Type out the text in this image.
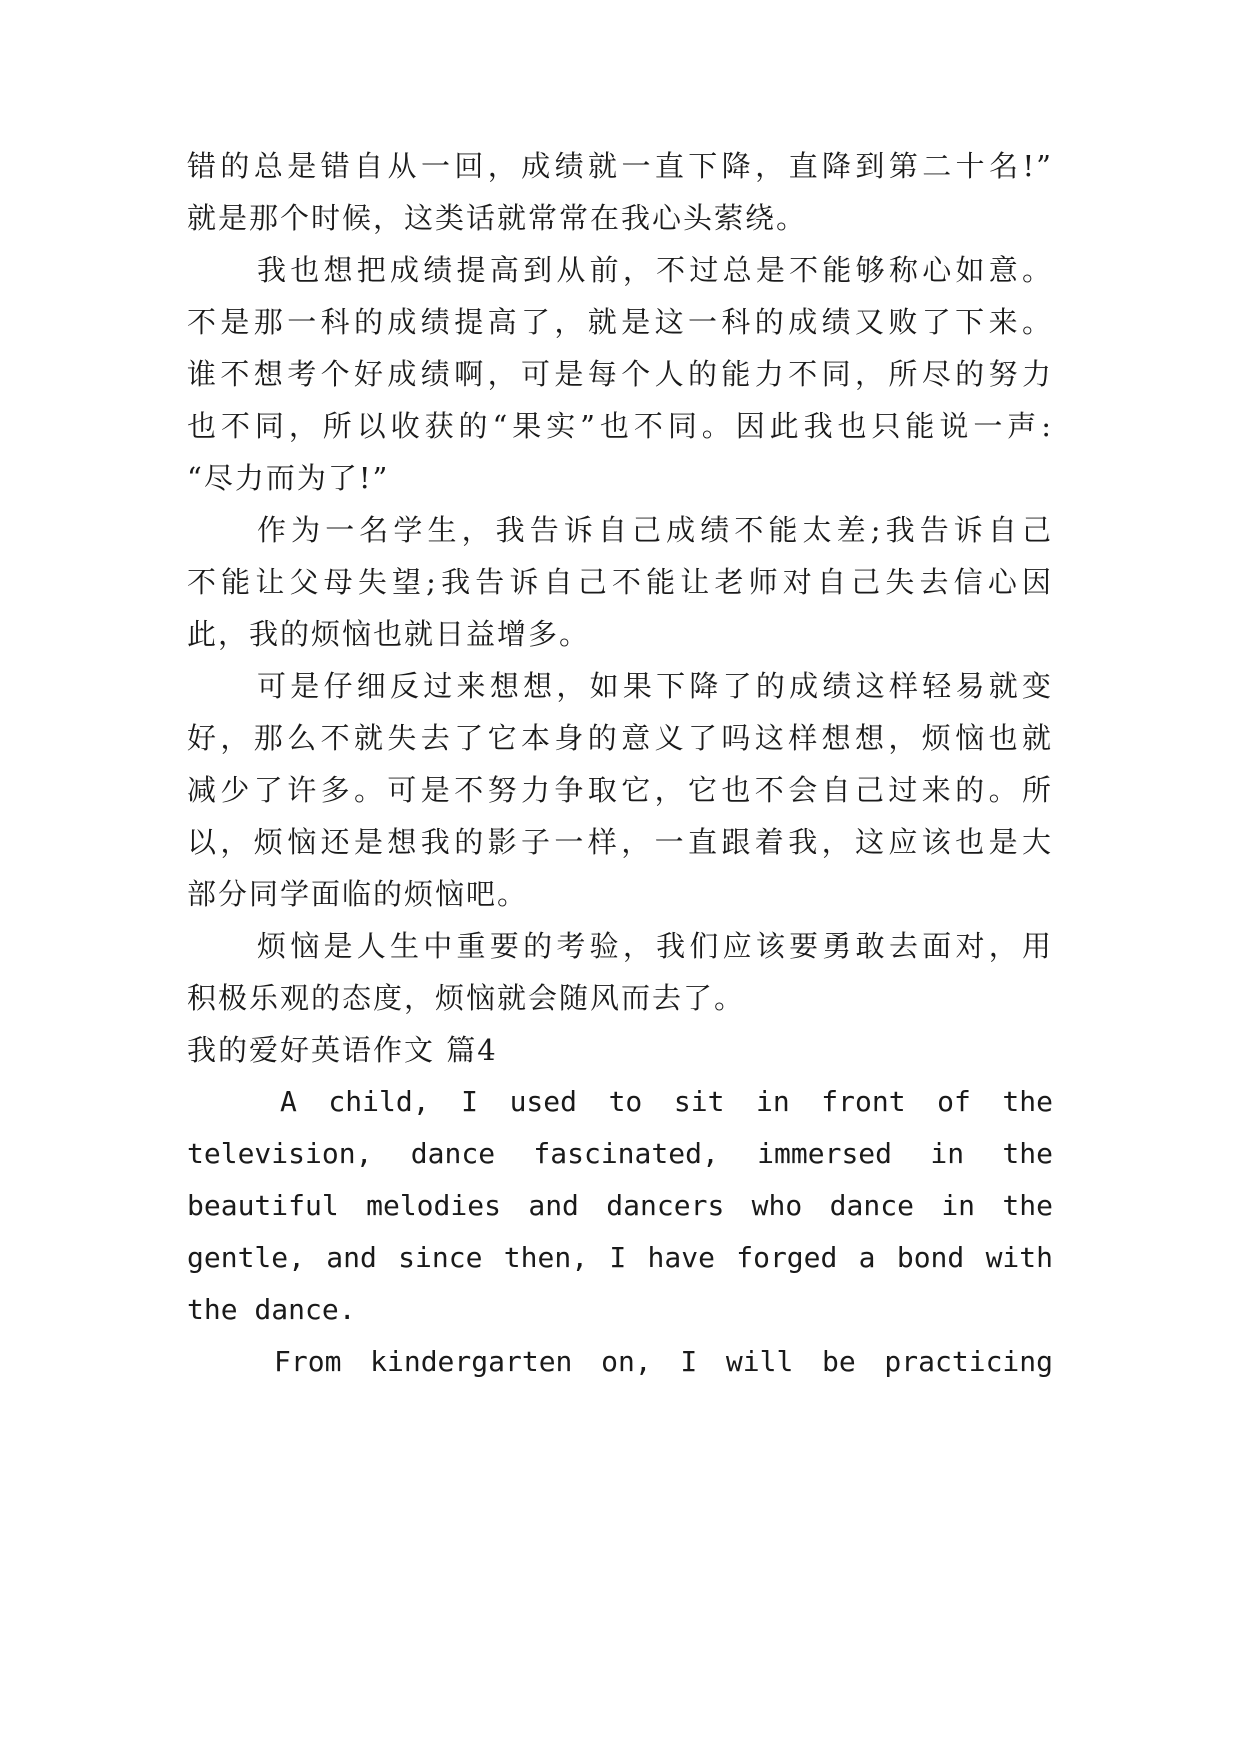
错的总是错自从一回，成绩就一直下降，直降到第二十名!”
就是那个时候，这类话就常常在我心头萦绕。
我也想把成绩提高到从前，不过总是不能够称心如意。
不是那一科的成绩提高了，就是这一科的成绩又败了下来。
谁不想考个好成绩啊，可是每个人的能力不同，所尽的努力
也不同，所以收获的“果实”也不同。因此我也只能说一声:
“尽力而为了!”
作为一名学生，我告诉自己成绩不能太差;我告诉自己
不能让父母失望;我告诉自己不能让老师对自己失去信心因
此，我的烦恼也就日益增多。
可是仔细反过来想想，如果下降了的成绩这样轻易就变
好，那么不就失去了它本身的意义了吗这样想想，烦恼也就
减少了许多。可是不努力争取它，它也不会自己过来的。所
以，烦恼还是想我的影子一样，一直跟着我，这应该也是大
部分同学面临的烦恼吧。
烦恼是人生中重要的考验，我们应该要勇敢去面对，用
积极乐观的态度，烦恼就会随风而去了。
我的爱好英语作文 篇4
A child, I used to sit in front of the
television, dance fascinated, immersed in the
beautiful melodies and dancers who dance in the
gentle, and since then, I have forged a bond with
the dance.
From kindergarten on, I will be practicing
